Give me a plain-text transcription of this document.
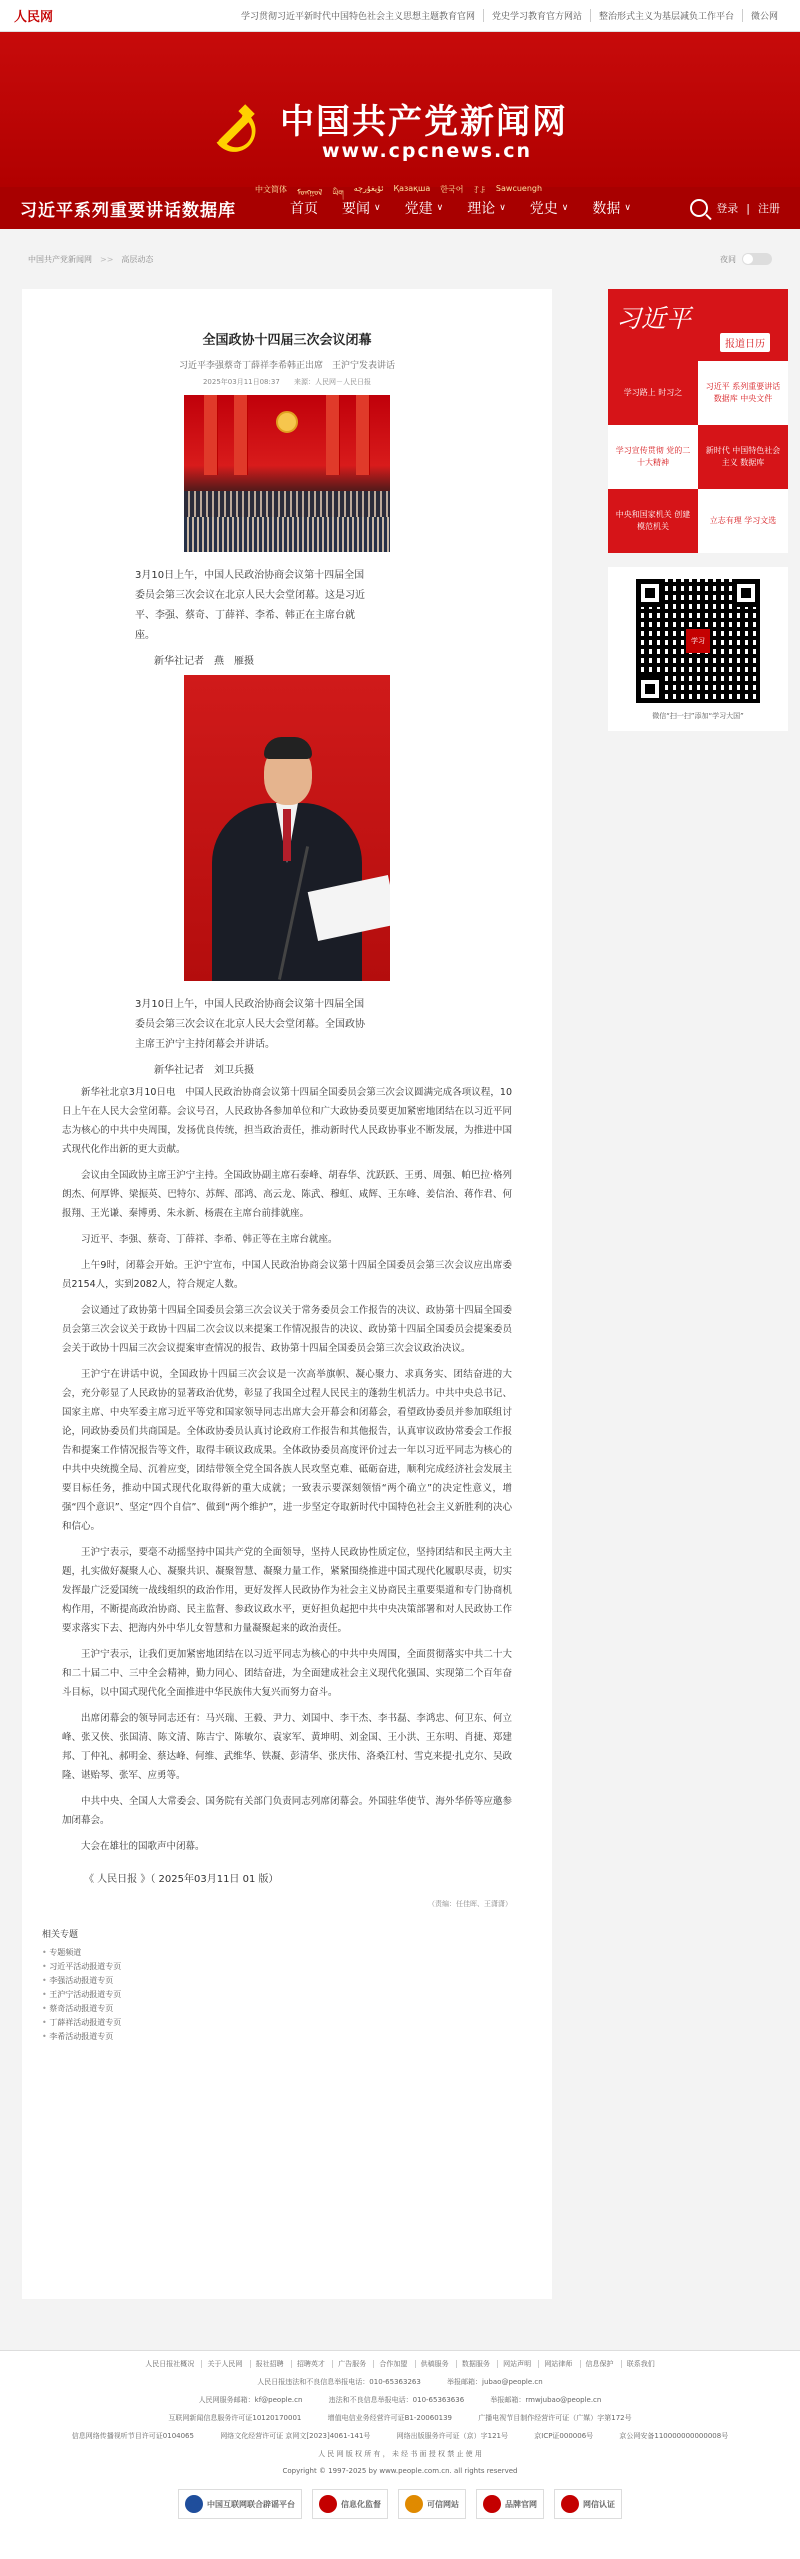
人民网	学习贯彻习近平新时代中国特色社会主义思想主题教育官网	党史学习教育官方网站	整治形式主义为基层减负工作平台	微公网
中国共产党新闻网
www.cpcnews.cn
中文简体 ᠮᠣᠩᠭᠣᠯ ཡིག
ئۇيغۇرچە Қазақша 한국어 ꆈꌠ Sawcuengh
习近平系列重要讲话数据库	首页 要闻 ∨ 党建 ∨ 理论 ∨ 党史 ∨ 数据 ∨	登录 | 注册
中国共产党新闻网 >> 高层动态	夜间
全国政协十四届三次会议闭幕
习近平李强蔡奇丁薛祥李希韩正出席　王沪宁发表讲话
2025年03月11日08:37 来源：人民网－人民日报
3月10日上午，中国人民政治协商会议第十四届全国委员会第三次会议在北京人民大会堂闭幕。这是习近平、李强、蔡奇、丁薛祥、李希、韩正在主席台就座。
新华社记者　燕　雁摄
3月10日上午，中国人民政治协商会议第十四届全国委员会第三次会议在北京人民大会堂闭幕。全国政协主席王沪宁主持闭幕会并讲话。
新华社记者　刘卫兵摄

新华社北京3月10日电　中国人民政治协商会议第十四届全国委员会第三次会议圆满完成各项议程，10日上午在人民大会堂闭幕。会议号召，人民政协各参加单位和广大政协委员要更加紧密地团结在以习近平同志为核心的中共中央周围，发扬优良传统，担当政治责任，推动新时代人民政协事业不断发展，为推进中国式现代化作出新的更大贡献。

会议由全国政协主席王沪宁主持。全国政协副主席石泰峰、胡春华、沈跃跃、王勇、周强、帕巴拉·格列朗杰、何厚铧、梁振英、巴特尔、苏辉、邵鸿、高云龙、陈武、穆虹、咸辉、王东峰、姜信治、蒋作君、何报翔、王光谦、秦博勇、朱永新、杨震在主席台前排就座。

习近平、李强、蔡奇、丁薛祥、李希、韩正等在主席台就座。

上午9时，闭幕会开始。王沪宁宣布，中国人民政治协商会议第十四届全国委员会第三次会议应出席委员2154人，实到2082人，符合规定人数。

会议通过了政协第十四届全国委员会第三次会议关于常务委员会工作报告的决议、政协第十四届全国委员会第三次会议关于政协十四届二次会议以来提案工作情况报告的决议、政协第十四届全国委员会提案委员会关于政协十四届三次会议提案审查情况的报告、政协第十四届全国委员会第三次会议政治决议。

王沪宁在讲话中说，全国政协十四届三次会议是一次高举旗帜、凝心聚力、求真务实、团结奋进的大会，充分彰显了人民政协的显著政治优势，彰显了我国全过程人民民主的蓬勃生机活力。中共中央总书记、国家主席、中央军委主席习近平等党和国家领导同志出席大会开幕会和闭幕会，看望政协委员并参加联组讨论，同政协委员们共商国是。全体政协委员认真讨论政府工作报告和其他报告，认真审议政协常委会工作报告和提案工作情况报告等文件，取得丰硕议政成果。全体政协委员高度评价过去一年以习近平同志为核心的中共中央统揽全局、沉着应变，团结带领全党全国各族人民攻坚克难、砥砺奋进，顺利完成经济社会发展主要目标任务，推动中国式现代化取得新的重大成就；一致表示要深刻领悟“两个确立”的决定性意义，增强“四个意识”、坚定“四个自信”、做到“两个维护”，进一步坚定夺取新时代中国特色社会主义新胜利的决心和信心。

王沪宁表示，要毫不动摇坚持中国共产党的全面领导，坚持人民政协性质定位，坚持团结和民主两大主题，扎实做好凝聚人心、凝聚共识、凝聚智慧、凝聚力量工作，紧紧围绕推进中国式现代化履职尽责，切实发挥最广泛爱国统一战线组织的政治作用，更好发挥人民政协作为社会主义协商民主重要渠道和专门协商机构作用，不断提高政治协商、民主监督、参政议政水平，更好担负起把中共中央决策部署和对人民政协工作要求落实下去、把海内外中华儿女智慧和力量凝聚起来的政治责任。

王沪宁表示，让我们更加紧密地团结在以习近平同志为核心的中共中央周围，全面贯彻落实中共二十大和二十届二中、三中全会精神，勤力同心、团结奋进，为全面建成社会主义现代化强国、实现第二个百年奋斗目标，以中国式现代化全面推进中华民族伟大复兴而努力奋斗。

出席闭幕会的领导同志还有：马兴瑞、王毅、尹力、刘国中、李干杰、李书磊、李鸿忠、何卫东、何立峰、张又侠、张国清、陈文清、陈吉宁、陈敏尔、袁家军、黄坤明、刘金国、王小洪、王东明、肖捷、郑建邦、丁仲礼、郝明金、蔡达峰、何维、武维华、铁凝、彭清华、张庆伟、洛桑江村、雪克来提·扎克尔、吴政隆、谌贻琴、张军、应勇等。

中共中央、全国人大常委会、国务院有关部门负责同志列席闭幕会。外国驻华使节、海外华侨等应邀参加闭幕会。

大会在雄壮的国歌声中闭幕。

《 人民日报 》（ 2025年03月11日 01 版）
（责编：任佳晖、王潇潇）
相关专题
• 专题频道
• 习近平活动报道专页
• 李强活动报道专页
• 王沪宁活动报道专页
• 蔡奇活动报道专页
• 丁薛祥活动报道专页
• 李希活动报道专页
习近平
报道日历
学习路上 时习之
习近平 系列重要讲话数据库 中央文件
学习宣传贯彻 党的二十大精神
新时代 中国特色社会主义 数据库
中央和国家机关 创建模范机关
立志有理 学习文选
学习
微信“扫一扫”添加“学习大国”
人民日报社概况 关于人民网 报社招聘 招聘英才 广告服务 合作加盟 供稿服务 数据服务 网站声明 网站律师 信息保护 联系我们
人民日报违法和不良信息举报电话：010-65363263	举报邮箱：jubao@people.cn
人民网服务邮箱：kf@people.cn	违法和不良信息举报电话：010-65363636	举报邮箱：rmwjubao@people.cn
互联网新闻信息服务许可证10120170001	增值电信业务经营许可证B1-20060139	广播电视节目制作经营许可证（广媒）字第172号
信息网络传播视听节目许可证0104065	网络文化经营许可证 京网文[2023]4061-141号	网络出版服务许可证（京）字121号	京ICP证000006号	京公网安备110000000000008号
人 民 网 版 权 所 有 ， 未 经 书 面 授 权 禁 止 使 用
Copyright © 1997-2025 by www.people.com.cn. all rights reserved
中国互联网联合辟谣平台	信息化监督	可信网站	品牌官网	网信认证
